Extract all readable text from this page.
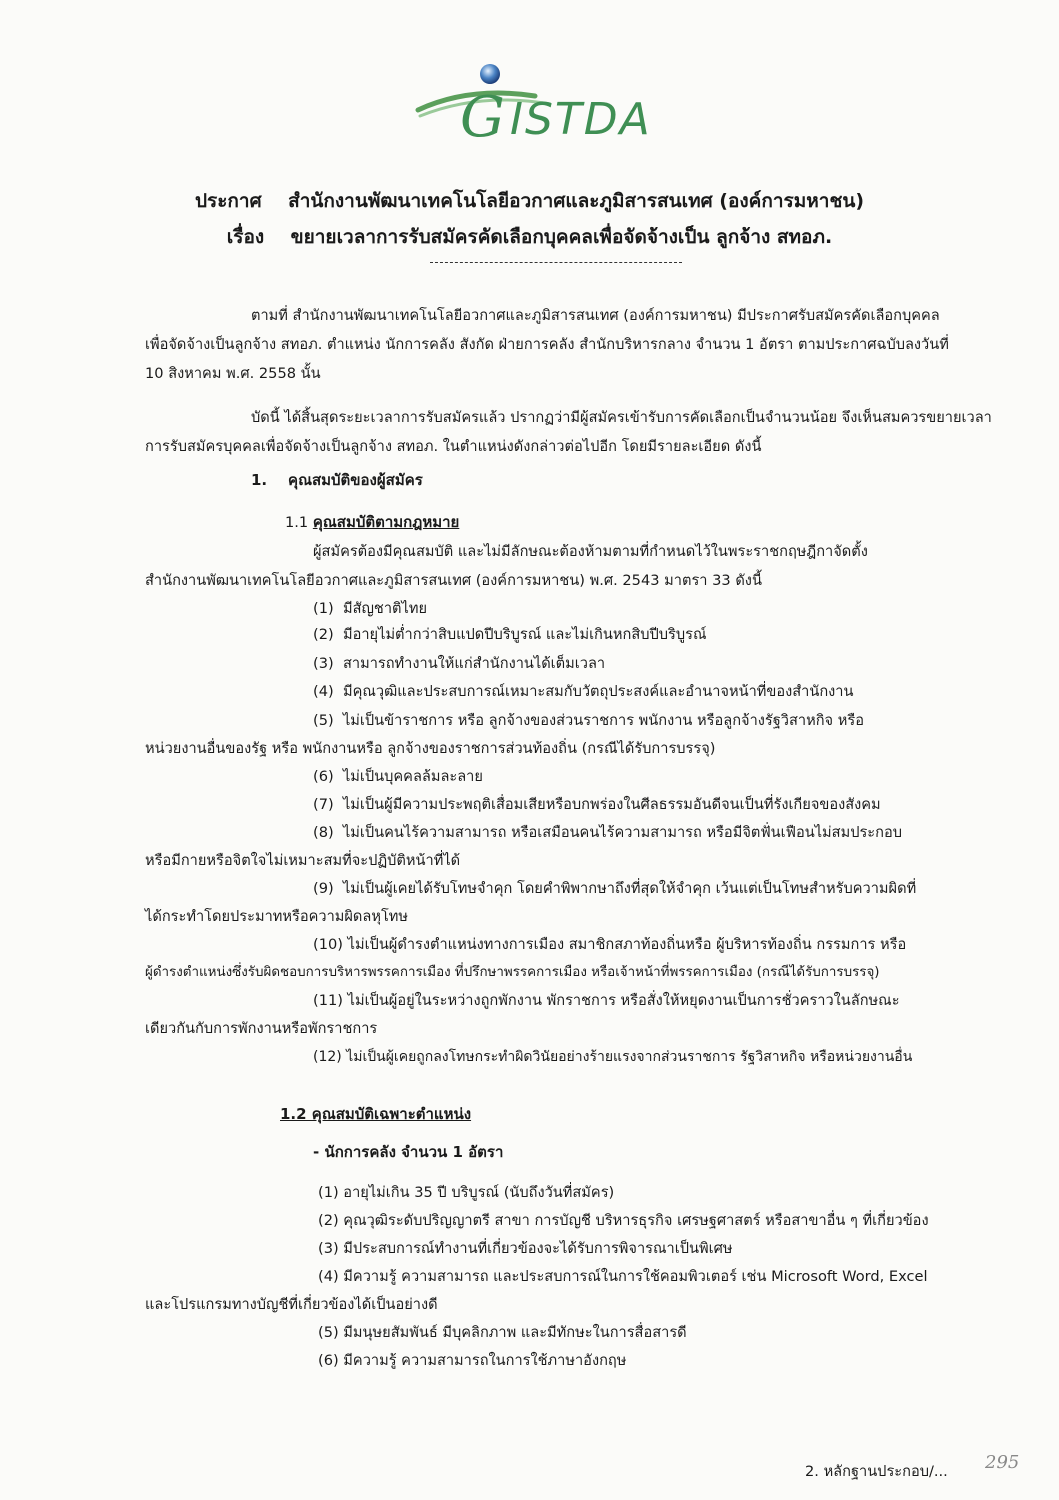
G ISTDA
ประกาศ สำนักงานพัฒนาเทคโนโลยีอวกาศและภูมิสารสนเทศ (องค์การมหาชน)
เรื่อง ขยายเวลาการรับสมัครคัดเลือกบุคคลเพื่อจัดจ้างเป็น ลูกจ้าง สทอภ.
ตามที่ สำนักงานพัฒนาเทคโนโลยีอวกาศและภูมิสารสนเทศ (องค์การมหาชน) มีประกาศรับสมัครคัดเลือกบุคคล
เพื่อจัดจ้างเป็นลูกจ้าง สทอภ. ตำแหน่ง นักการคลัง สังกัด ฝ่ายการคลัง สำนักบริหารกลาง จำนวน 1 อัตรา ตามประกาศฉบับลงวันที่
10 สิงหาคม พ.ศ. 2558 นั้น
บัดนี้ ได้สิ้นสุดระยะเวลาการรับสมัครแล้ว ปรากฏว่ามีผู้สมัครเข้ารับการคัดเลือกเป็นจำนวนน้อย จึงเห็นสมควรขยายเวลา
การรับสมัครบุคคลเพื่อจัดจ้างเป็นลูกจ้าง สทอภ. ในตำแหน่งดังกล่าวต่อไปอีก โดยมีรายละเอียด ดังนี้
1. คุณสมบัติของผู้สมัคร
1.1 คุณสมบัติตามกฎหมาย
ผู้สมัครต้องมีคุณสมบัติ และไม่มีลักษณะต้องห้ามตามที่กำหนดไว้ในพระราชกฤษฎีกาจัดตั้ง
สำนักงานพัฒนาเทคโนโลยีอวกาศและภูมิสารสนเทศ (องค์การมหาชน) พ.ศ. 2543 มาตรา 33 ดังนี้
(1) มีสัญชาติไทย
(2) มีอายุไม่ต่ำกว่าสิบแปดปีบริบูรณ์ และไม่เกินหกสิบปีบริบูรณ์
(3) สามารถทำงานให้แก่สำนักงานได้เต็มเวลา
(4) มีคุณวุฒิและประสบการณ์เหมาะสมกับวัตถุประสงค์และอำนาจหน้าที่ของสำนักงาน
(5) ไม่เป็นข้าราชการ หรือ ลูกจ้างของส่วนราชการ พนักงาน หรือลูกจ้างรัฐวิสาหกิจ หรือ
หน่วยงานอื่นของรัฐ หรือ พนักงานหรือ ลูกจ้างของราชการส่วนท้องถิ่น (กรณีได้รับการบรรจุ)
(6) ไม่เป็นบุคคลล้มละลาย
(7) ไม่เป็นผู้มีความประพฤติเสื่อมเสียหรือบกพร่องในศีลธรรมอันดีจนเป็นที่รังเกียจของสังคม
(8) ไม่เป็นคนไร้ความสามารถ หรือเสมือนคนไร้ความสามารถ หรือมีจิตฟั่นเฟือนไม่สมประกอบ
หรือมีกายหรือจิตใจไม่เหมาะสมที่จะปฏิบัติหน้าที่ได้
(9) ไม่เป็นผู้เคยได้รับโทษจำคุก โดยคำพิพากษาถึงที่สุดให้จำคุก เว้นแต่เป็นโทษสำหรับความผิดที่
ได้กระทำโดยประมาทหรือความผิดลหุโทษ
(10) ไม่เป็นผู้ดำรงตำแหน่งทางการเมือง สมาชิกสภาท้องถิ่นหรือ ผู้บริหารท้องถิ่น กรรมการ หรือ
ผู้ดำรงตำแหน่งซึ่งรับผิดชอบการบริหารพรรคการเมือง ที่ปรึกษาพรรคการเมือง หรือเจ้าหน้าที่พรรคการเมือง (กรณีได้รับการบรรจุ)
(11) ไม่เป็นผู้อยู่ในระหว่างถูกพักงาน พักราชการ หรือสั่งให้หยุดงานเป็นการชั่วคราวในลักษณะ
เดียวกันกับการพักงานหรือพักราชการ
(12) ไม่เป็นผู้เคยถูกลงโทษกระทำผิดวินัยอย่างร้ายแรงจากส่วนราชการ รัฐวิสาหกิจ หรือหน่วยงานอื่น
1.2 คุณสมบัติเฉพาะตำแหน่ง
- นักการคลัง จำนวน 1 อัตรา
(1) อายุไม่เกิน 35 ปี บริบูรณ์ (นับถึงวันที่สมัคร)
(2) คุณวุฒิระดับปริญญาตรี สาขา การบัญชี บริหารธุรกิจ เศรษฐศาสตร์ หรือสาขาอื่น ๆ ที่เกี่ยวข้อง
(3) มีประสบการณ์ทำงานที่เกี่ยวข้องจะได้รับการพิจารณาเป็นพิเศษ
(4) มีความรู้ ความสามารถ และประสบการณ์ในการใช้คอมพิวเตอร์ เช่น Microsoft Word, Excel
และโปรแกรมทางบัญชีที่เกี่ยวข้องได้เป็นอย่างดี
(5) มีมนุษยสัมพันธ์ มีบุคลิกภาพ และมีทักษะในการสื่อสารดี
(6) มีความรู้ ความสามารถในการใช้ภาษาอังกฤษ
2. หลักฐานประกอบ/... 295
